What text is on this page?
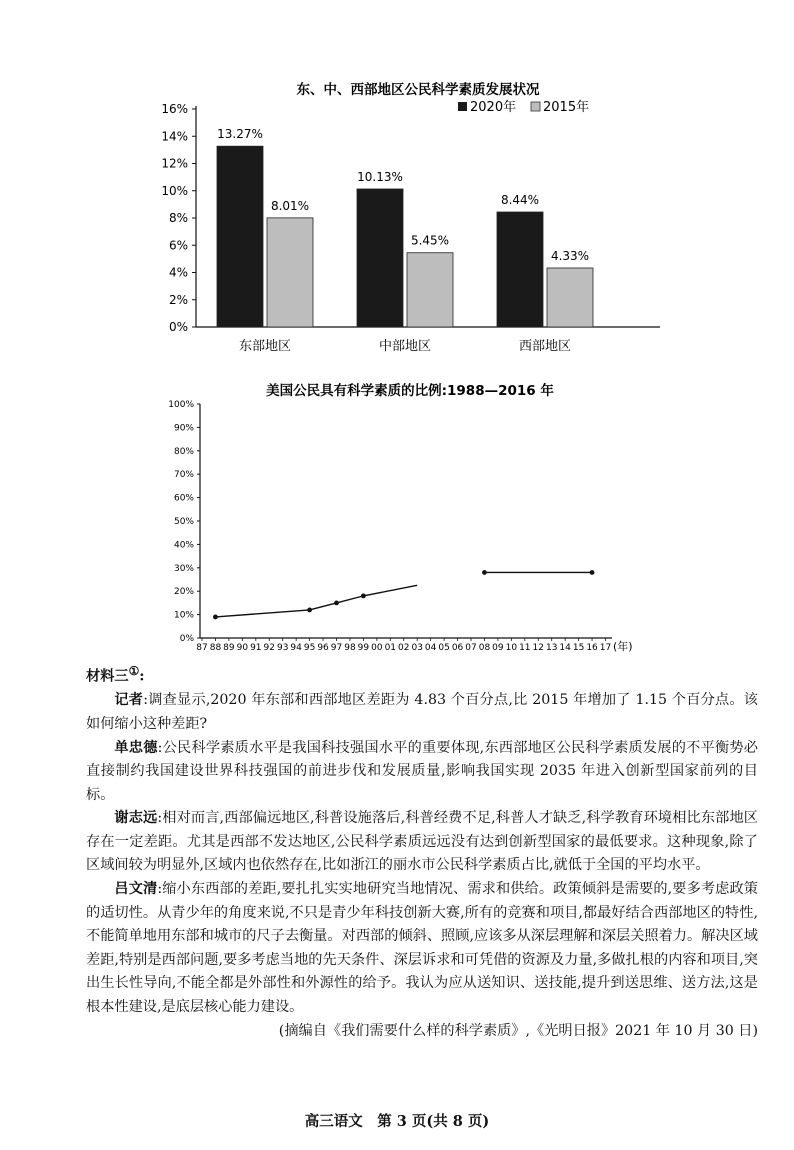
东、中、西部地区公民科学素质发展状况
2020年 2015年
0%
2%
4%
6%
8%
10%
12%
14%
16%
13.27%
8.01%
东部地区
10.13%
5.45%
中部地区
8.44%
4.33%
西部地区
美国公民具有科学素质的比例:1988—2016 年
0%
10%
20%
30%
40%
50%
60%
70%
80%
90%
100%
87 88 89 90 91 92 93 94 95 96 97 98 99 00 01 02 03 04 05 06 07 08 09 10 11 12 13 14 15 16 17 (年)

材料三①:

记者:调查显示,2020 年东部和西部地区差距为 4.83 个百分点,比 2015 年增加了 1.15 个百分点。该如何缩小这种差距?

单忠德:公民科学素质水平是我国科技强国水平的重要体现,东西部地区公民科学素质发展的不平衡势必直接制约我国建设世界科技强国的前进步伐和发展质量,影响我国实现 2035 年进入创新型国家前列的目标。

谢志远:相对而言,西部偏远地区,科普设施落后,科普经费不足,科普人才缺乏,科学教育环境相比东部地区存在一定差距。尤其是西部不发达地区,公民科学素质远远没有达到创新型国家的最低要求。这种现象,除了区域间较为明显外,区域内也依然存在,比如浙江的丽水市公民科学素质占比,就低于全国的平均水平。

吕文清:缩小东西部的差距,要扎扎实实地研究当地情况、需求和供给。政策倾斜是需要的,要多考虑政策的适切性。从青少年的角度来说,不只是青少年科技创新大赛,所有的竞赛和项目,都最好结合西部地区的特性,不能简单地用东部和城市的尺子去衡量。对西部的倾斜、照顾,应该多从深层理解和深层关照着力。解决区域差距,特别是西部问题,要多考虑当地的先天条件、深层诉求和可凭借的资源及力量,多做扎根的内容和项目,突出生长性导向,不能全都是外部性和外源性的给予。我认为应从送知识、送技能,提升到送思维、送方法,这是根本性建设,是底层核心能力建设。

(摘编自《我们需要什么样的科学素质》,《光明日报》2021 年 10 月 30 日)

高三语文　第 3 页(共 8 页)
